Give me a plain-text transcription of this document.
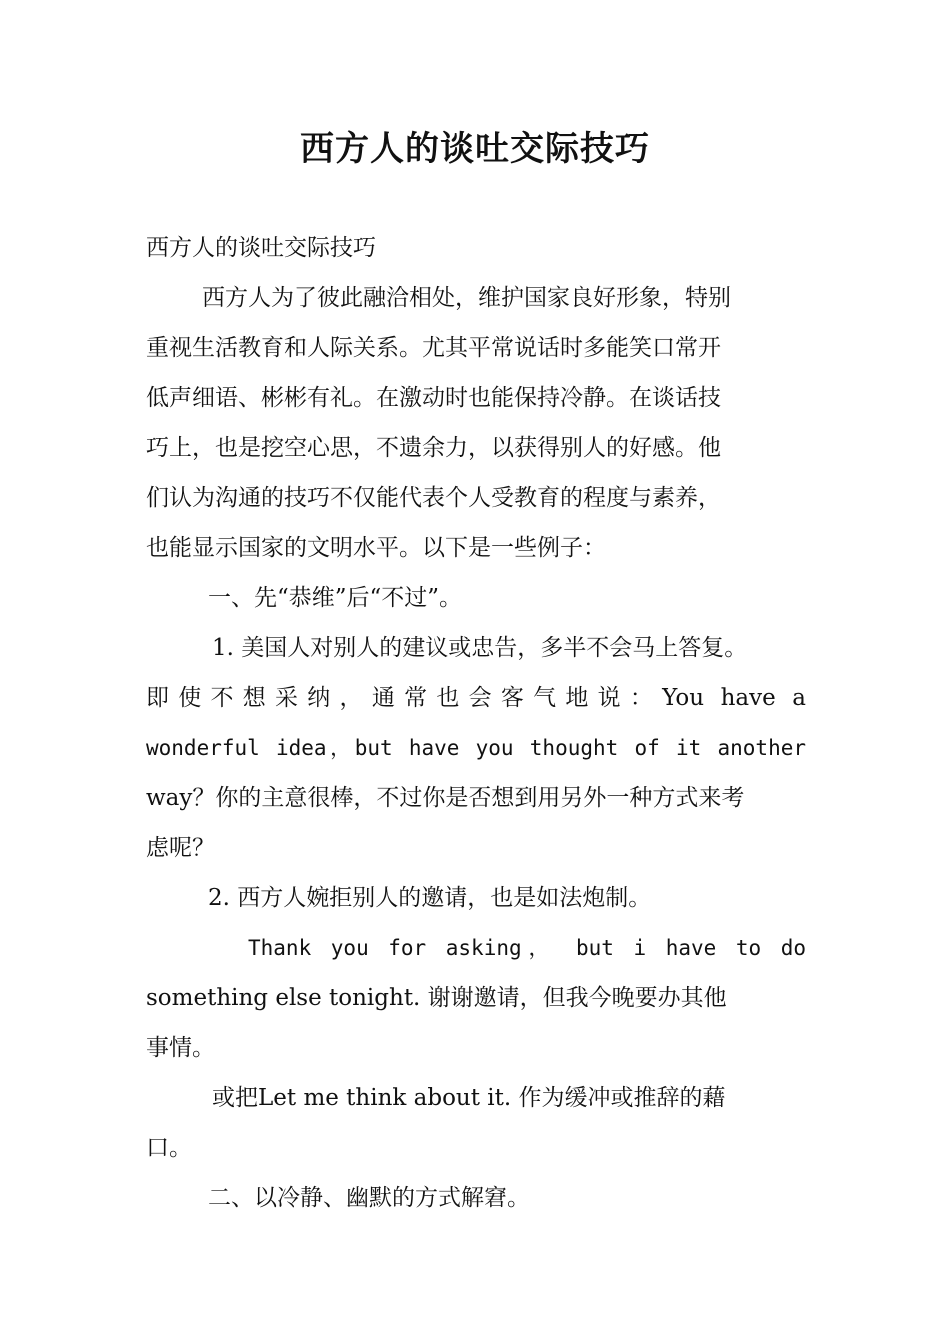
西方人的谈吐交际技巧
西方人的谈吐交际技巧
西方人为了彼此融洽相处，维护国家良好形象，特别
重视生活教育和人际关系。尤其平常说话时多能笑口常开
低声细语、彬彬有礼。在激动时也能保持冷静。在谈话技
巧上，也是挖空心思，不遗余力，以获得别人的好感。他
们认为沟通的技巧不仅能代表个人受教育的程度与素养，
也能显示国家的文明水平。以下是一些例子：
一、先“恭维”后“不过”。
1. 美国人对别人的建议或忠告，多半不会马上答复。
即使不想采纳，通常也会客气地说：You have a
wonderful idea，but have you thought of it another
way？你的主意很棒，不过你是否想到用另外一种方式来考
虑呢？
2. 西方人婉拒别人的邀请，也是如法炮制。
Thank you for asking， but i have to do
something else tonight. 谢谢邀请，但我今晚要办其他
事情。
或把Let me think about it. 作为缓冲或推辞的藉
口。
二、以冷静、幽默的方式解窘。
